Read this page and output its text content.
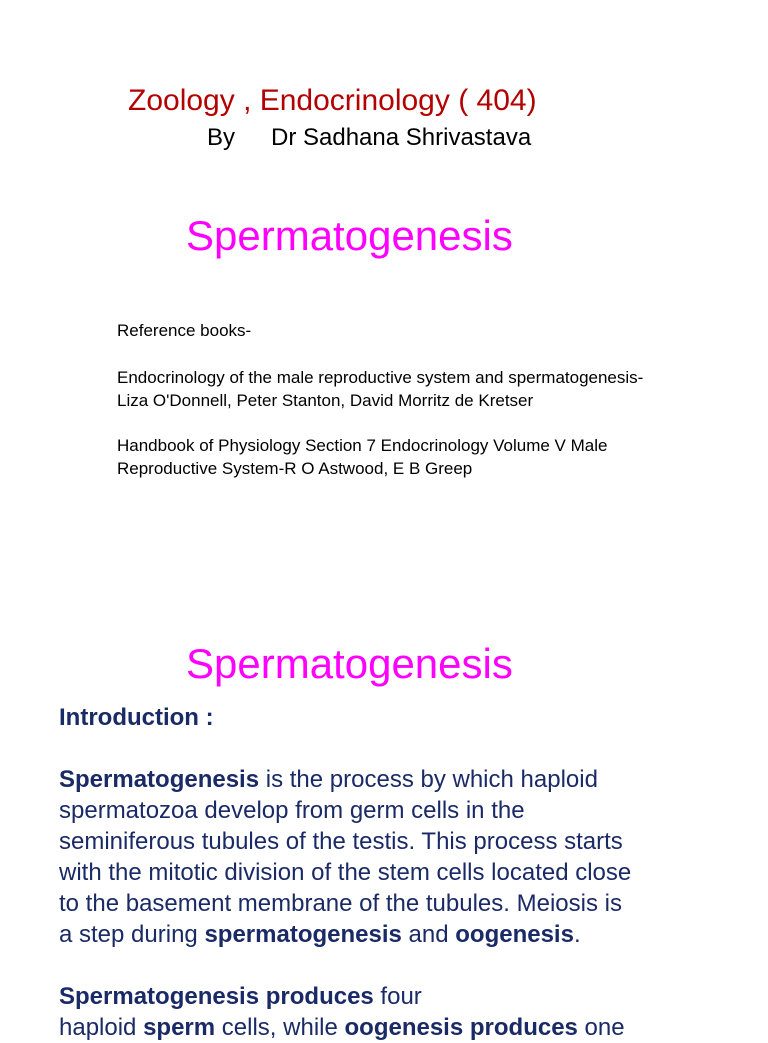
Zoology , Endocrinology ( 404)
By Dr Sadhana Shrivastava
Spermatogenesis
Reference books-
Endocrinology of the male reproductive system and spermatogenesis-
Liza O'Donnell, Peter Stanton, David Morritz de Kretser
Handbook of Physiology Section 7 Endocrinology Volume V Male
Reproductive System-R O Astwood, E B Greep
Spermatogenesis
Introduction :
Spermatogenesis is the process by which haploid
spermatozoa develop from germ cells in the
seminiferous tubules of the testis. This process starts
with the mitotic division of the stem cells located close
to the basement membrane of the tubules. Meiosis is
a step during spermatogenesis and oogenesis.
Spermatogenesis produces four
haploid sperm cells, while oogenesis produces one
